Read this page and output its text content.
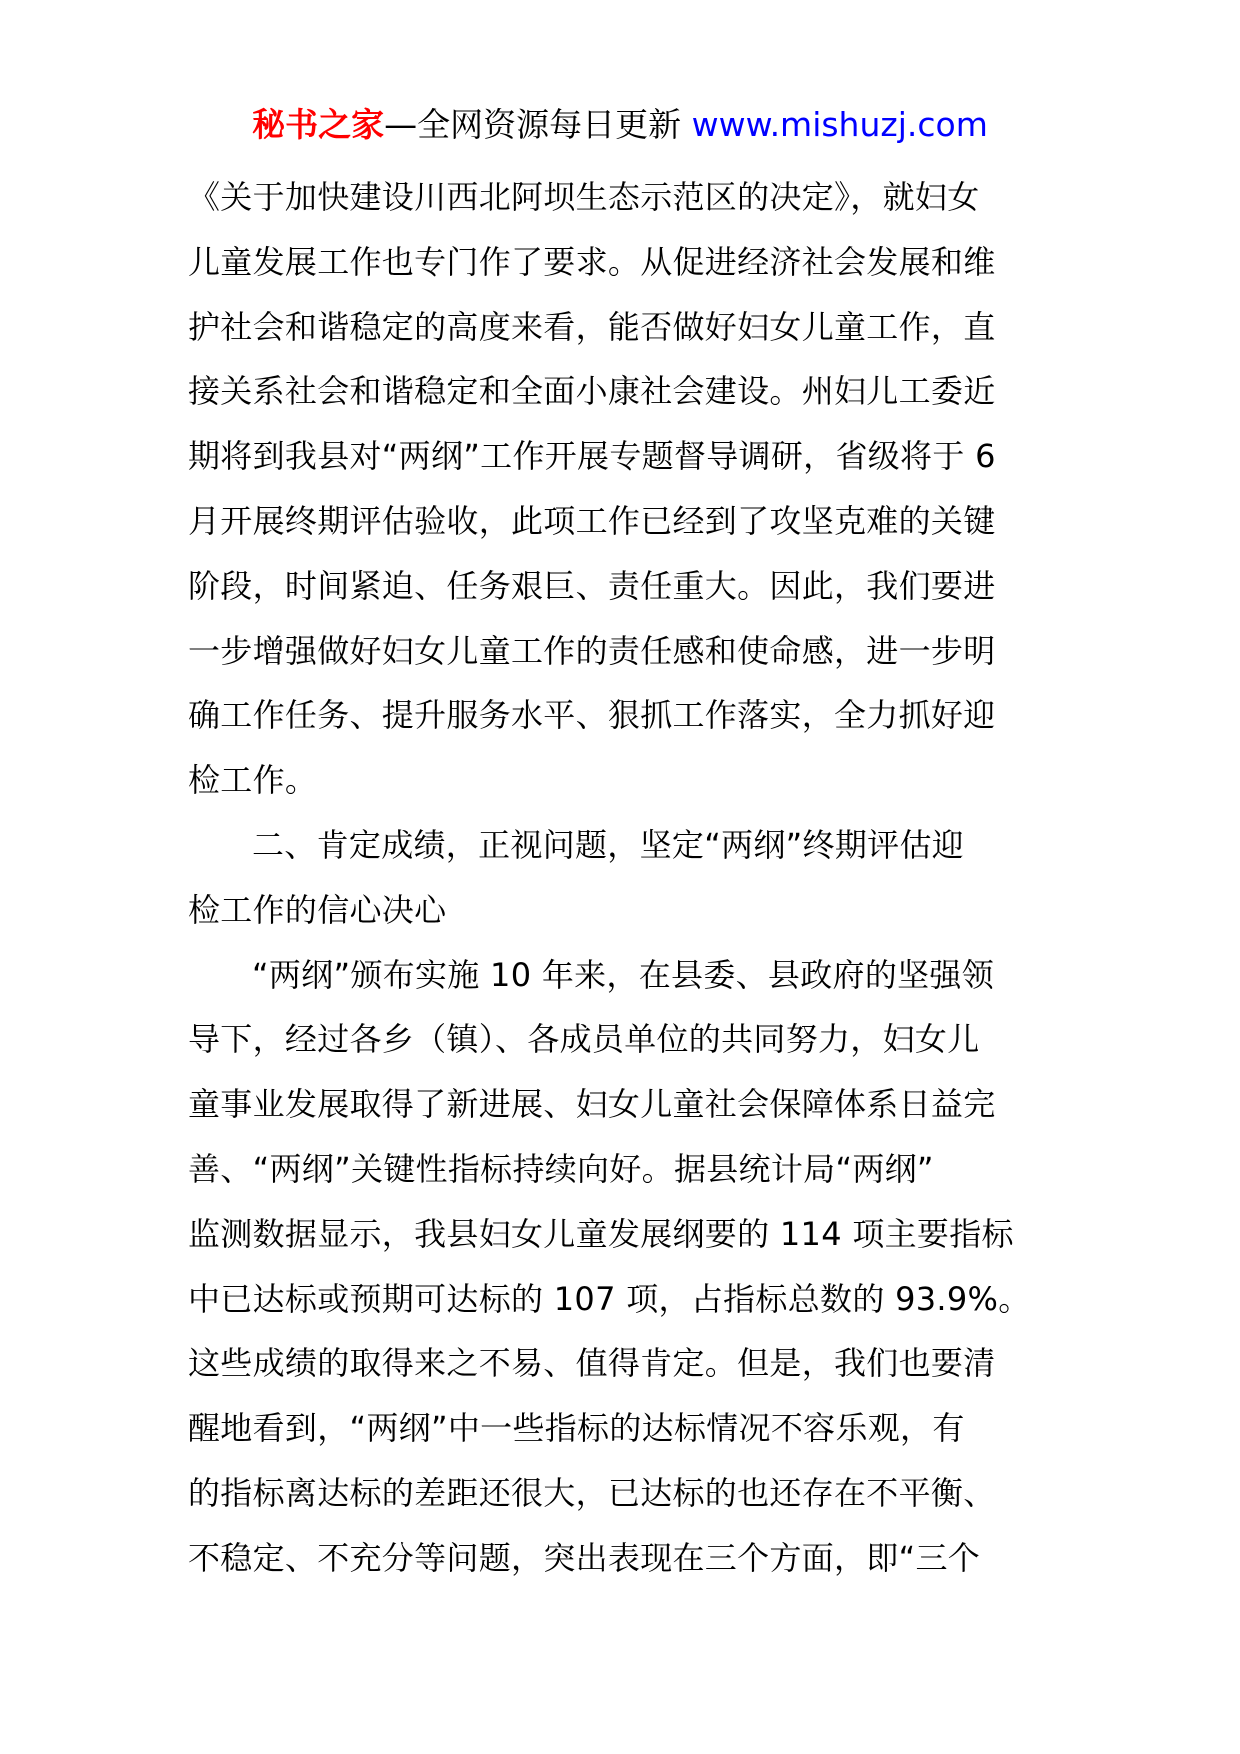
秘书之家—全网资源每日更新 www.mishuzj.com
《关于加快建设川西北阿坝生态示范区的决定》，就妇女
儿童发展工作也专门作了要求。从促进经济社会发展和维
护社会和谐稳定的高度来看，能否做好妇女儿童工作，直
接关系社会和谐稳定和全面小康社会建设。州妇儿工委近
期将到我县对“两纲”工作开展专题督导调研，省级将于 6
月开展终期评估验收，此项工作已经到了攻坚克难的关键
阶段，时间紧迫、任务艰巨、责任重大。因此，我们要进
一步增强做好妇女儿童工作的责任感和使命感，进一步明
确工作任务、提升服务水平、狠抓工作落实，全力抓好迎
检工作。
二、肯定成绩，正视问题，坚定“两纲”终期评估迎
检工作的信心决心
“两纲”颁布实施 10 年来，在县委、县政府的坚强领
导下，经过各乡（镇）、各成员单位的共同努力，妇女儿
童事业发展取得了新进展、妇女儿童社会保障体系日益完
善、“两纲”关键性指标持续向好。据县统计局“两纲”
监测数据显示，我县妇女儿童发展纲要的 114 项主要指标
中已达标或预期可达标的 107 项，占指标总数的 93.9%。
这些成绩的取得来之不易、值得肯定。但是，我们也要清
醒地看到，“两纲”中一些指标的达标情况不容乐观，有
的指标离达标的差距还很大，已达标的也还存在不平衡、
不稳定、不充分等问题，突出表现在三个方面，即“三个
